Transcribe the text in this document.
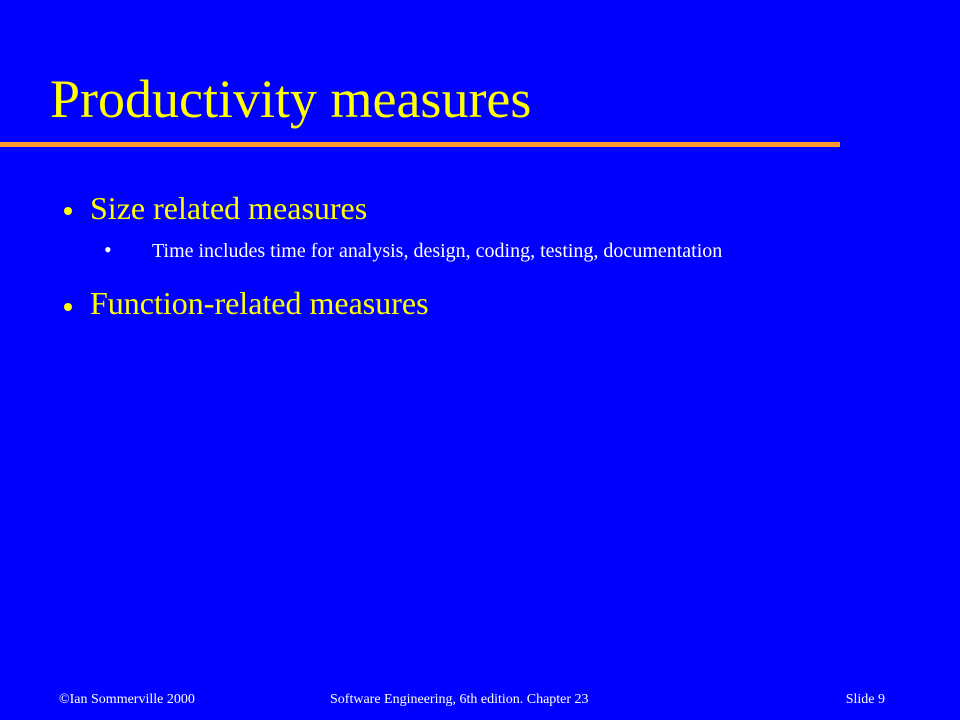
Productivity measures
Size related measures
• Time includes time for analysis, design, coding, testing, documentation
Function-related measures
©Ian Sommerville 2000	Software Engineering, 6th edition. Chapter 23	Slide 9
